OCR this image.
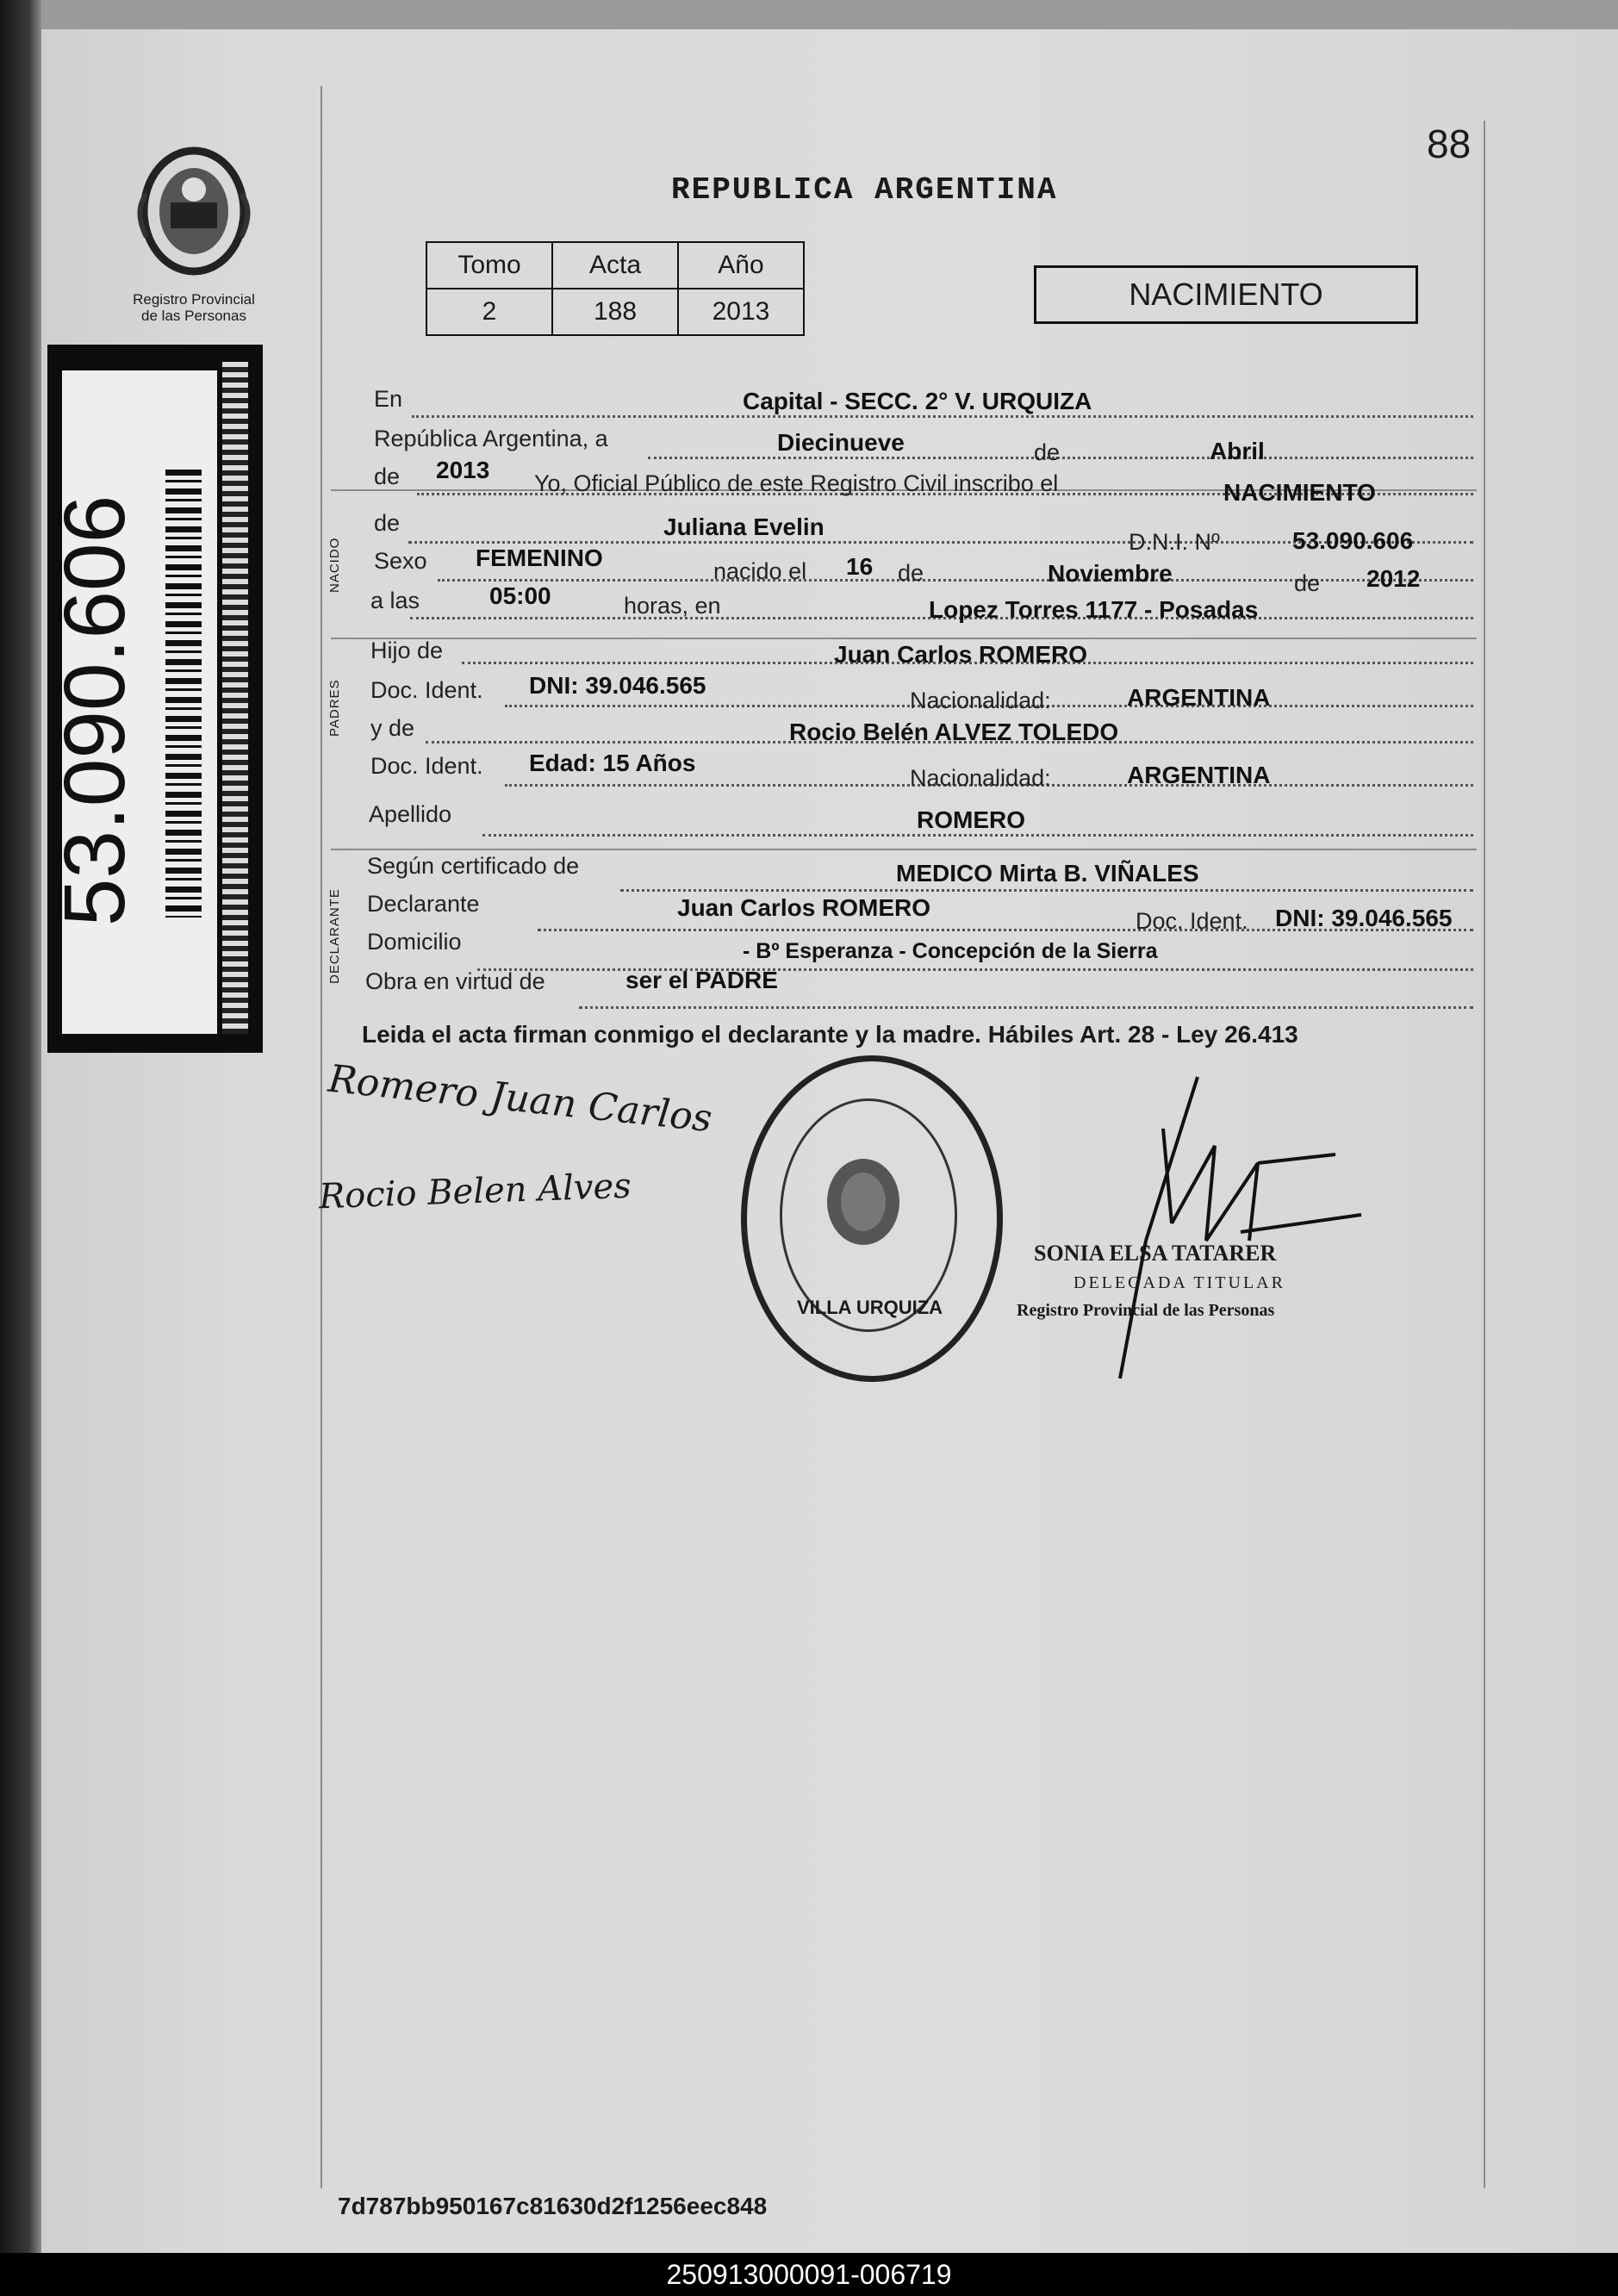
88
Registro Provincial
de las Personas
53.090.606
REPUBLICA ARGENTINA
Tomo	Acta	Año
2	188	2013	NACIMIENTO
NACIDO
PADRES
DECLARANTE
En	Capital - SECC. 2° V. URQUIZA
República Argentina, a	Diecinueve	de	Abril
de 2013 Yo, Oficial Público de este Registro Civil inscribo el	NACIMIENTO
de	Juliana Evelin
D.N.I. Nº	53.090.606
Sexo FEMENINO	nacido el 16 de	Noviembre	de 2012
a las	05:00	horas, en	Lopez Torres 1177 - Posadas
Hijo de	Juan Carlos ROMERO
Doc. Ident. DNI: 39.046.565
Nacionalidad:	ARGENTINA
y de	Rocio Belén ALVEZ TOLEDO
Doc. Ident. Edad: 15 Años
Nacionalidad:	ARGENTINA
Apellido	ROMERO
Según certificado de	MEDICO Mirta B. VIÑALES
Declarante	Juan Carlos ROMERO	Doc. Ident. DNI: 39.046.565
Domicilio	- Bº Esperanza - Concepción de la Sierra
Obra en virtud de	ser el PADRE
Leida el acta firman conmigo el declarante y la madre. Hábiles Art. 28 - Ley 26.413
Romero Juan Carlos
Rocio Belen Alves
VILLA URQUIZA
SONIA ELSA TATARER
DELEGADA TITULAR
Registro Provincial de las Personas
7d787bb950167c81630d2f1256eec848
250913000091-006719
